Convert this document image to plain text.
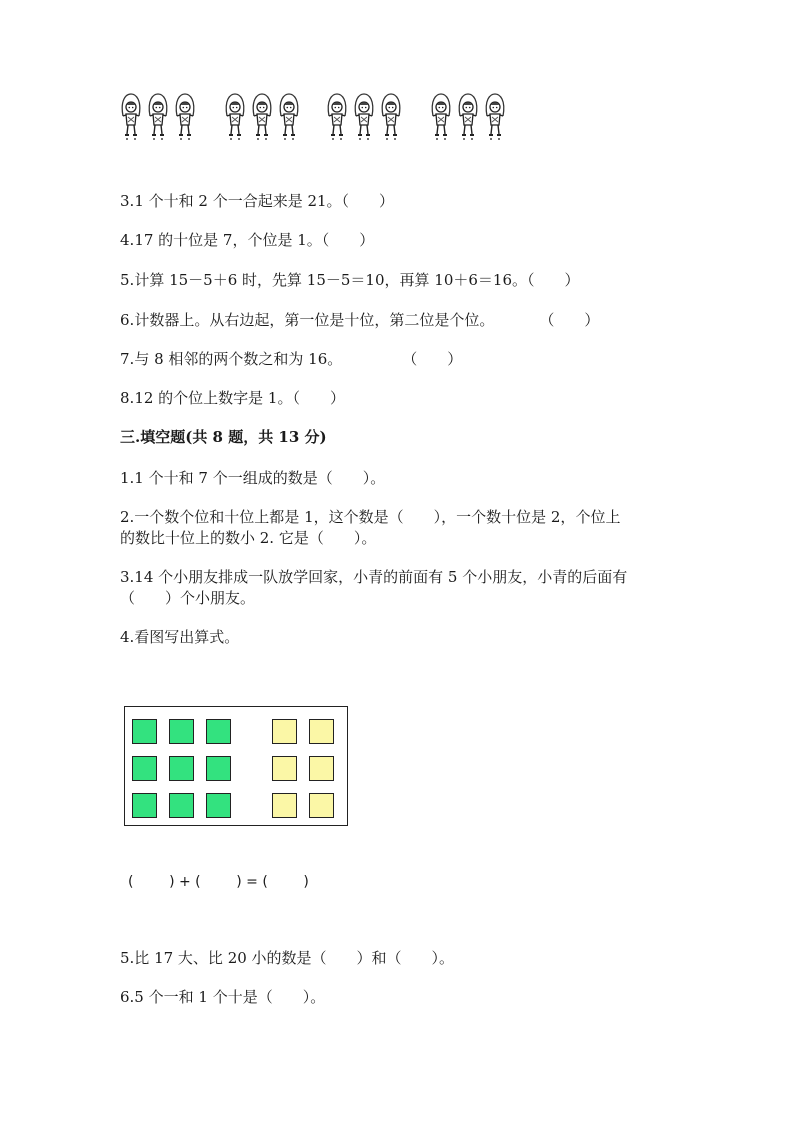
3.1 个十和 2 个一合起来是 21。（　　）
4.17 的十位是 7，个位是 1。（　　）
5.计算 15－5＋6 时，先算 15－5＝10，再算 10＋6＝16。（　　）
6.计数器上。从右边起，第一位是十位，第二位是个位。　　　　（　　）
7.与 8 相邻的两个数之和为 16。　　　　　（　　）
8.12 的个位上数字是 1。（　　）
三.填空题(共 8 题，共 13 分)
1.1 个十和 7 个一组成的数是（　　）。
2.一个数个位和十位上都是 1，这个数是（　　），一个数十位是 2，个位上
的数比十位上的数小 2. 它是（　　）。
3.14 个小朋友排成一队放学回家，小青的前面有 5 个小朋友，小青的后面有
（　　）个小朋友。
4.看图写出算式。
(        ) + (        ) = (        )
5.比 17 大、比 20 小的数是（　　）和（　　）。
6.5 个一和 1 个十是（　　）。
